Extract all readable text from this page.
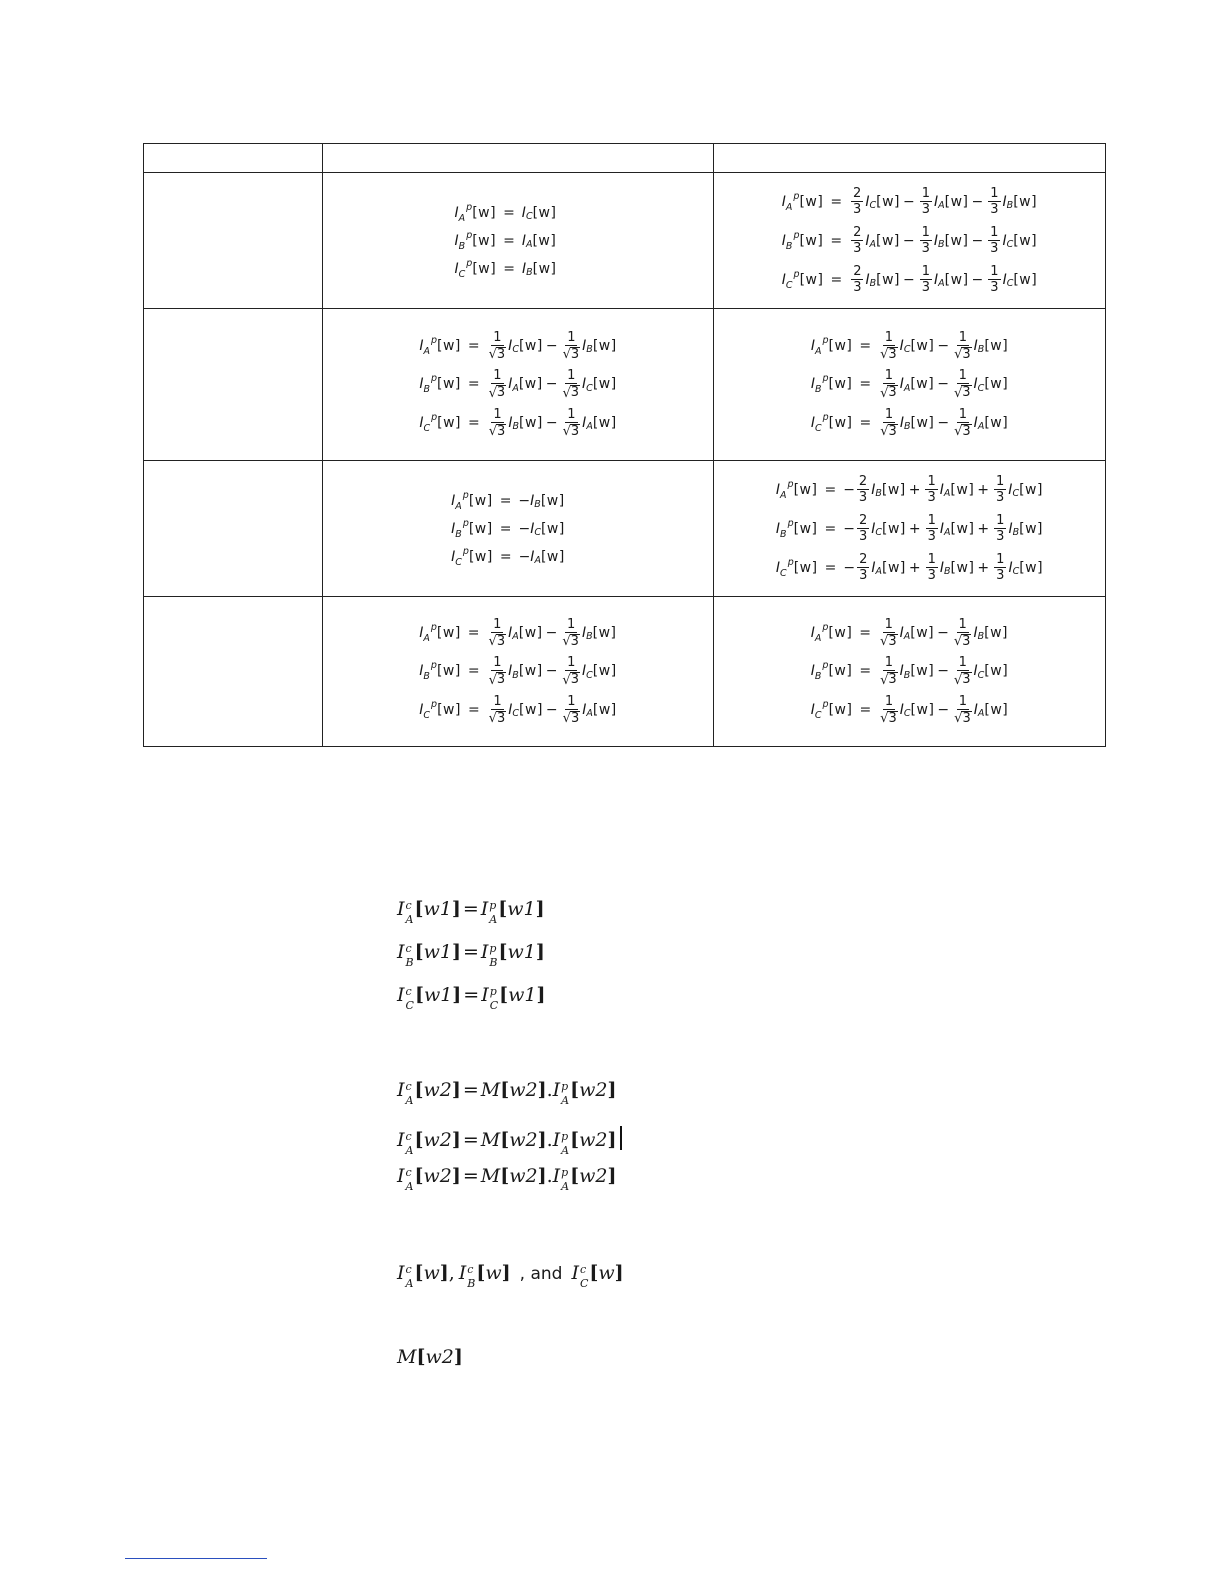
I A
p [w] = I C [w]
I B
p [w] = I A [w]
I C
p [w] = I B [w]
I A
p $[w] = \frac{2}{3}$ I C $[w] - \frac{1}{3}$ I A $[w] - \frac{1}{3}$ I B [w]
I B
p $[w] = \frac{2}{3}$ I A $[w] - \frac{1}{3}$ I B $[w] - \frac{1}{3}$ I C [w]
I C
p $[w] = \frac{2}{3}$ I B $[w] - \frac{1}{3}$ I A $[w] - \frac{1}{3}$ I C [w]
I A
p $[w] = \frac{1}{√ 3}$ I C $[w] - \frac{1}{√ 3}$ I B [w]
I B
p $[w] = \frac{1}{√ 3}$ I A $[w] - \frac{1}{√ 3}$ I C [w]
I C
p $[w] = \frac{1}{√ 3}$ I B $[w] - \frac{1}{√ 3}$ I A [w]
I A
p $[w] = \frac{1}{√ 3}$ I C $[w] - \frac{1}{√ 3}$ I B [w]
I B
p $[w] = \frac{1}{√ 3}$ I A $[w] - \frac{1}{√ 3}$ I C [w]
I C
p $[w] = \frac{1}{√ 3}$ I B $[w] - \frac{1}{√ 3}$ I A [w]
I A
p [w] = − I B [w]
I B
p [w] = − I C [w]
I C
p [w] = − I A [w]
I A
p [w] = − $\frac{2}{3}$ I B $[w] + \frac{1}{3}$ I A $[w] + \frac{1}{3}$ I C [w]
I B
p [w] = − $\frac{2}{3}$ I C $[w] + \frac{1}{3}$ I A $[w] + \frac{1}{3}$ I B [w]
I C
p [w] = − $\frac{2}{3}$ I A $[w] + \frac{1}{3}$ I B $[w] + \frac{1}{3}$ I C [w]
I A
p $[w] = \frac{1}{√ 3}$ I A $[w] - \frac{1}{√ 3}$ I B [w]
I B
p $[w] = \frac{1}{√ 3}$ I B $[w] - \frac{1}{√ 3}$ I C [w]
I C
p $[w] = \frac{1}{√ 3}$ I C $[w] - \frac{1}{√ 3}$ I A [w]
I A
p $[w] = \frac{1}{√ 3}$ I A $[w] - \frac{1}{√ 3}$ I B [w]
I B
p $[w] = \frac{1}{√ 3}$ I B $[w] - \frac{1}{√ 3}$ I C [w]
I C
p $[w] = \frac{1}{√ 3}$ I C $[w] - \frac{1}{√ 3}$ I A [w]
I c
A [ w1 ] = I p
A [ w1 ]
I c
B [ w1 ] = I p
B [ w1 ]
I c
C [ w1 ] = I p
C [ w1 ]
I c
A [ w2 ] = M [ w2 ] . I p
A [ w2 ]
I c
A [ w2 ] = M [ w2 ] . I p
A [ w2 ]
I c
A [ w2 ] = M [ w2 ] . I p
A [ w2 ]
I c
A [ w ] , I c
B [ w ] , and I c
C [ w ]
M [ w2 ]
